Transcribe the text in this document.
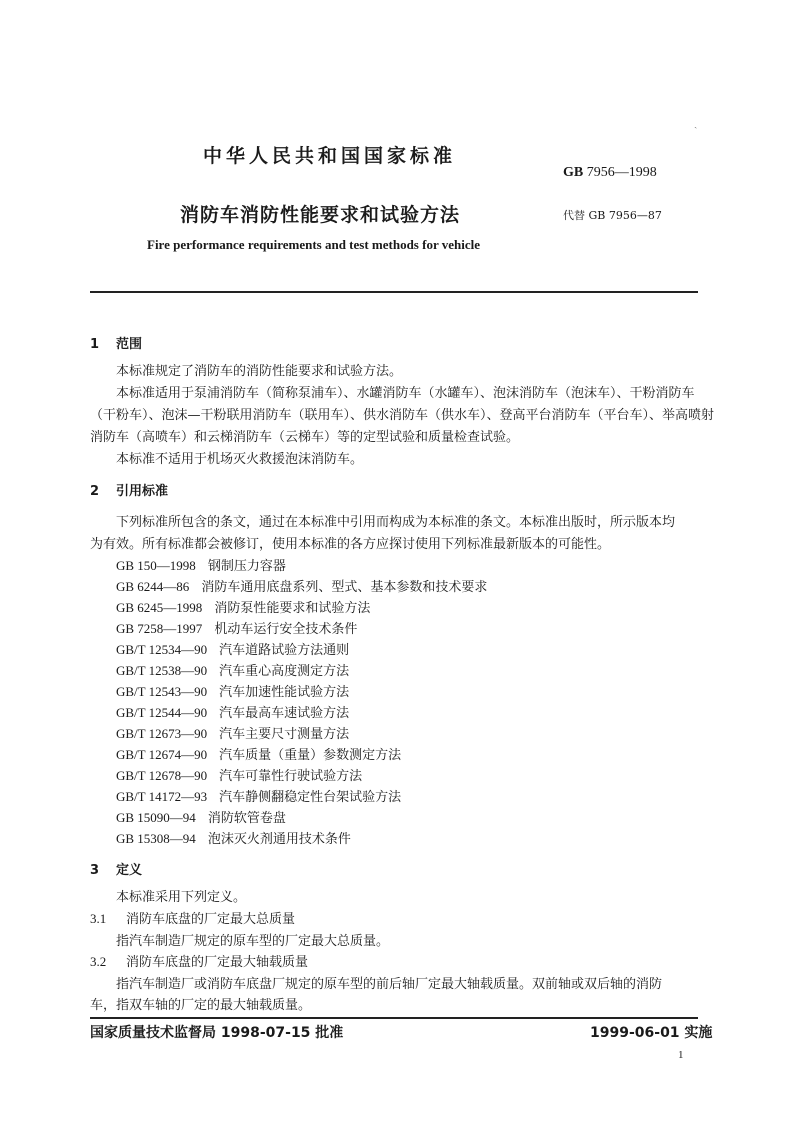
ˎ
中华人民共和国国家标准
GB 7956—1998
消防车消防性能要求和试验方法	代替 GB 7956—87
Fire performance requirements and test methods for vehicle
1 范围
本标准规定了消防车的消防性能要求和试验方法。
本标准适用于泵浦消防车（简称泵浦车）、水罐消防车（水罐车）、泡沫消防车（泡沫车）、干粉消防车
（干粉车）、泡沫—干粉联用消防车（联用车）、供水消防车（供水车）、登高平台消防车（平台车）、举高喷射
消防车（高喷车）和云梯消防车（云梯车）等的定型试验和质量检查试验。
本标准不适用于机场灭火救援泡沫消防车。
2 引用标准
下列标准所包含的条文，通过在本标准中引用而构成为本标准的条文。本标准出版时，所示版本均
为有效。所有标准都会被修订，使用本标准的各方应探讨使用下列标准最新版本的可能性。
GB 150—1998 钢制压力容器
GB 6244—86 消防车通用底盘系列、型式、基本参数和技术要求
GB 6245—1998 消防泵性能要求和试验方法
GB 7258—1997 机动车运行安全技术条件
GB/T 12534—90 汽车道路试验方法通则
GB/T 12538—90 汽车重心高度测定方法
GB/T 12543—90 汽车加速性能试验方法
GB/T 12544—90 汽车最高车速试验方法
GB/T 12673—90 汽车主要尺寸测量方法
GB/T 12674—90 汽车质量（重量）参数测定方法
GB/T 12678—90 汽车可靠性行驶试验方法
GB/T 14172—93 汽车静侧翻稳定性台架试验方法
GB 15090—94 消防软管卷盘
GB 15308—94 泡沫灭火剂通用技术条件
3 定义
本标准采用下列定义。
3.1 消防车底盘的厂定最大总质量
指汽车制造厂规定的原车型的厂定最大总质量。
3.2 消防车底盘的厂定最大轴载质量
指汽车制造厂或消防车底盘厂规定的原车型的前后轴厂定最大轴载质量。双前轴或双后轴的消防
车，指双车轴的厂定的最大轴载质量。
国家质量技术监督局 1998-07-15 批准	1999-06-01 实施
1
